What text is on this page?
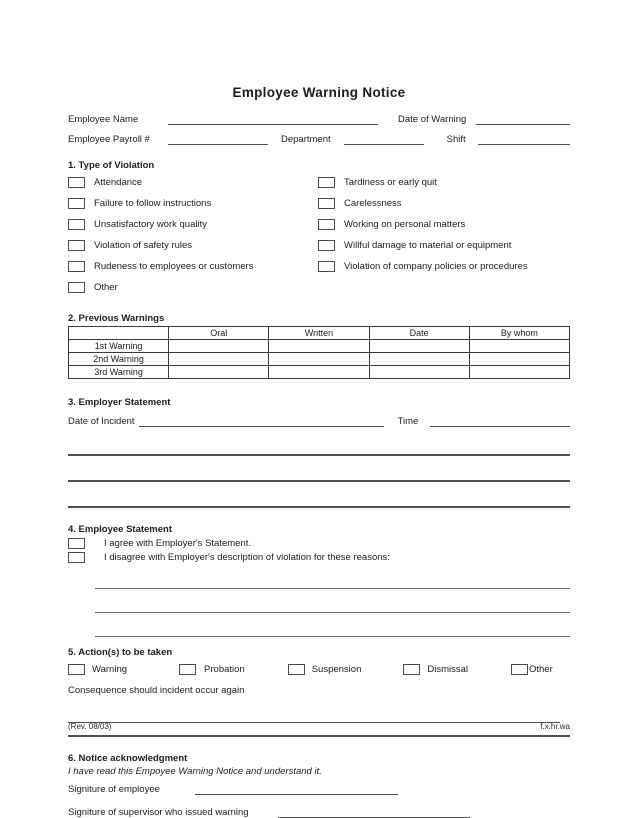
Employee Warning Notice
Employee Name	Date of Warning
Employee Payroll #	Department	Shift
1. Type of Violation
Attendance
Failure to follow instructions
Unsatisfactory work quality
Violation of safety rules
Rudeness to employees or customers
Other
Tardiness or early quit
Carelessness
Working on personal matters
Willful damage to material or equipment
Violation of company policies or procedures
2. Previous Warnings
	Oral	Written	Date	By whom
1st Warning				
2nd Warning				
3rd Warning				
3. Employer Statement
Date of Incident	Time
4. Employee Statement
I agree with Employer's Statement.
I disagree with Employer's description of violation for these reasons:
5. Action(s) to be taken
Warning	Probation	Suspension	Dismissal	Other
Consequence should incident occur again
6. Notice acknowledgment
I have read this Empoyee Warning Notice and understand it.
Signiture of employee
Signiture of supervisor who issued warning
(Rev. 08/03)	f.x.hr.wa
